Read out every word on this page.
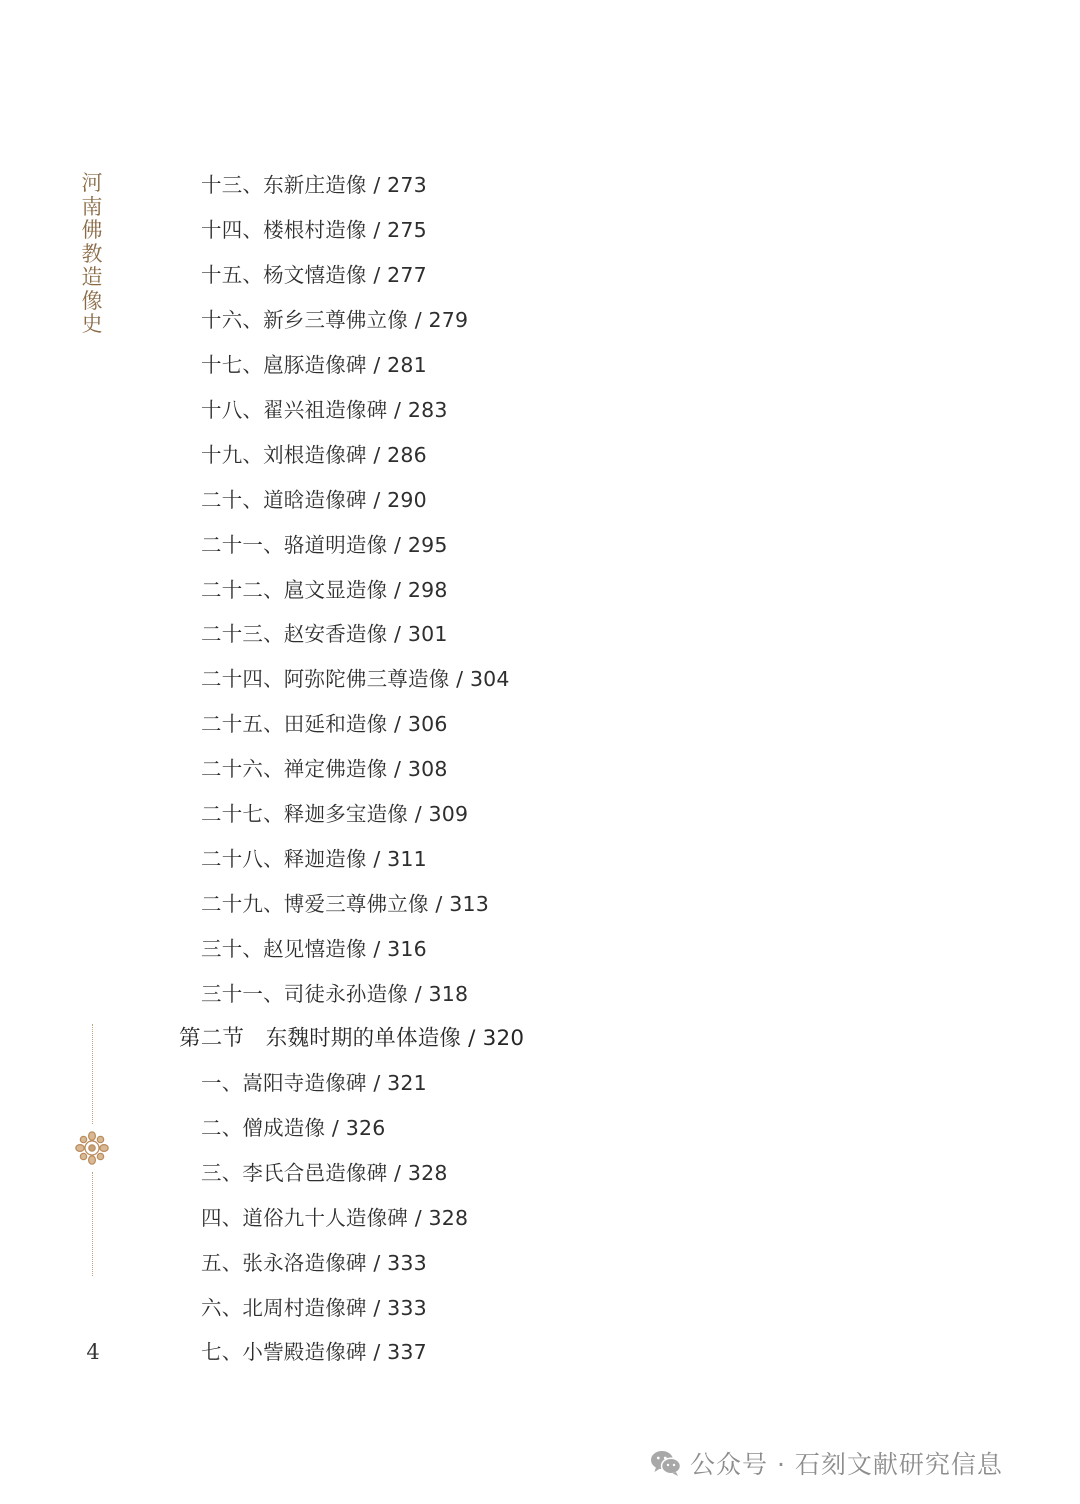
河南佛教造像史
十三、东新庄造像 / 273
十四、楼根村造像 / 275
十五、杨文憘造像 / 277
十六、新乡三尊佛立像 / 279
十七、扈豚造像碑 / 281
十八、翟兴祖造像碑 / 283
十九、刘根造像碑 / 286
二十、道晗造像碑 / 290
二十一、骆道明造像 / 295
二十二、扈文显造像 / 298
二十三、赵安香造像 / 301
二十四、阿弥陀佛三尊造像 / 304
二十五、田延和造像 / 306
二十六、禅定佛造像 / 308
二十七、释迦多宝造像 / 309
二十八、释迦造像 / 311
二十九、博爱三尊佛立像 / 313
三十、赵见憘造像 / 316
三十一、司徒永孙造像 / 318
第二节　东魏时期的单体造像 / 320
一、嵩阳寺造像碑 / 321
二、僧成造像 / 326
三、李氏合邑造像碑 / 328
四、道俗九十人造像碑 / 328
五、张永洛造像碑 / 333
六、北周村造像碑 / 333
七、小訾殿造像碑 / 337
4
公众号 · 石刻文献研究信息
